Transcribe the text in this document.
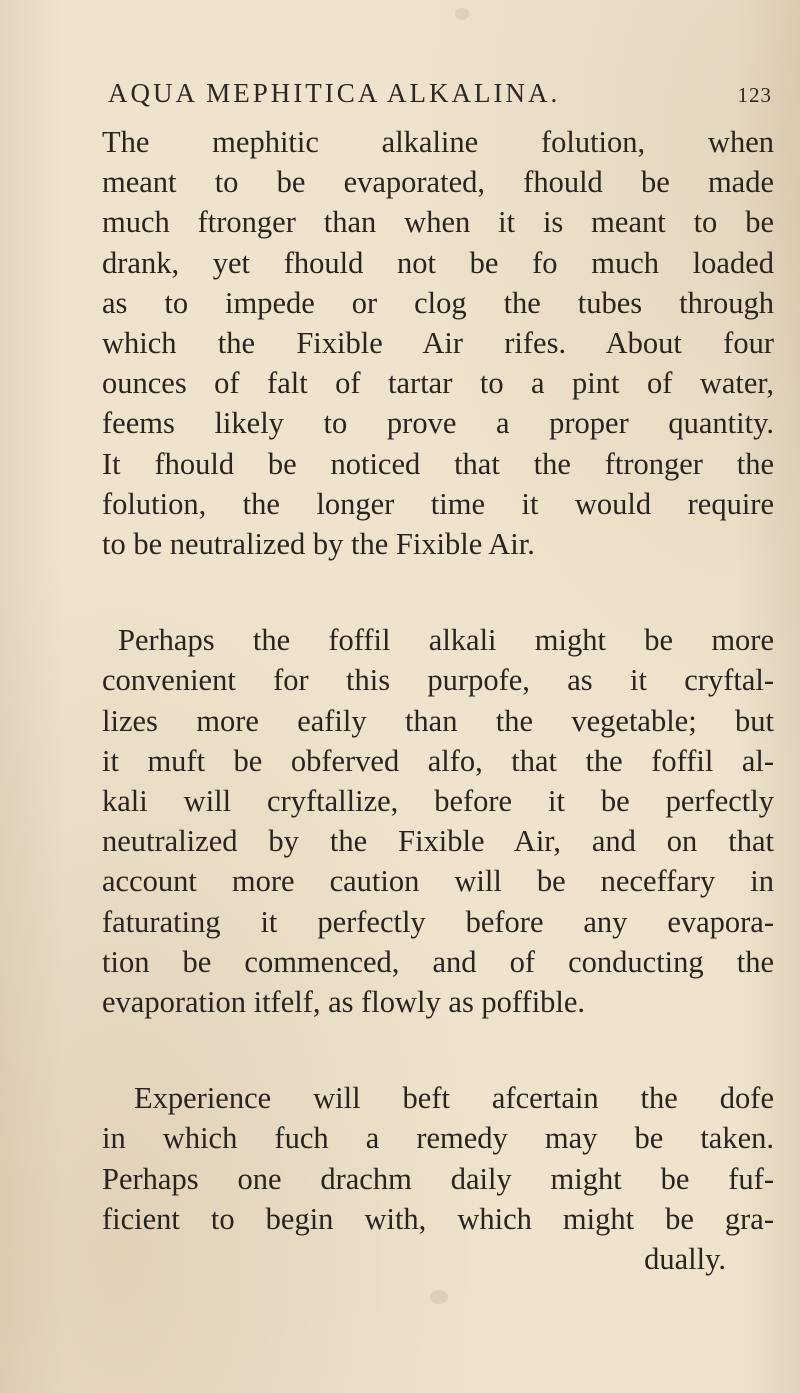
AQUA MEPHITICA ALKALINA.	123

The mephitic alkaline folution, when
meant to be evaporated, fhould be made
much ftronger than when it is meant to be
drank, yet fhould not be fo much loaded
as to impede or clog the tubes through
which the Fixible Air rifes. About four
ounces of falt of tartar to a pint of water,
feems likely to prove a proper quantity.
It fhould be noticed that the ftronger the
folution, the longer time it would require
to be neutralized by the Fixible Air.

Perhaps the foffil alkali might be more
convenient for this purpofe, as it cryftal-
lizes more eafily than the vegetable; but
it muft be obferved alfo, that the foffil al-
kali will cryftallize, before it be perfectly
neutralized by the Fixible Air, and on that
account more caution will be neceffary in
faturating it perfectly before any evapora-
tion be commenced, and of conducting the
evaporation itfelf, as flowly as poffible.

Experience will beft afcertain the dofe
in which fuch a remedy may be taken.
Perhaps one drachm daily might be fuf-
ficient to begin with, which might be gra-
dually.
